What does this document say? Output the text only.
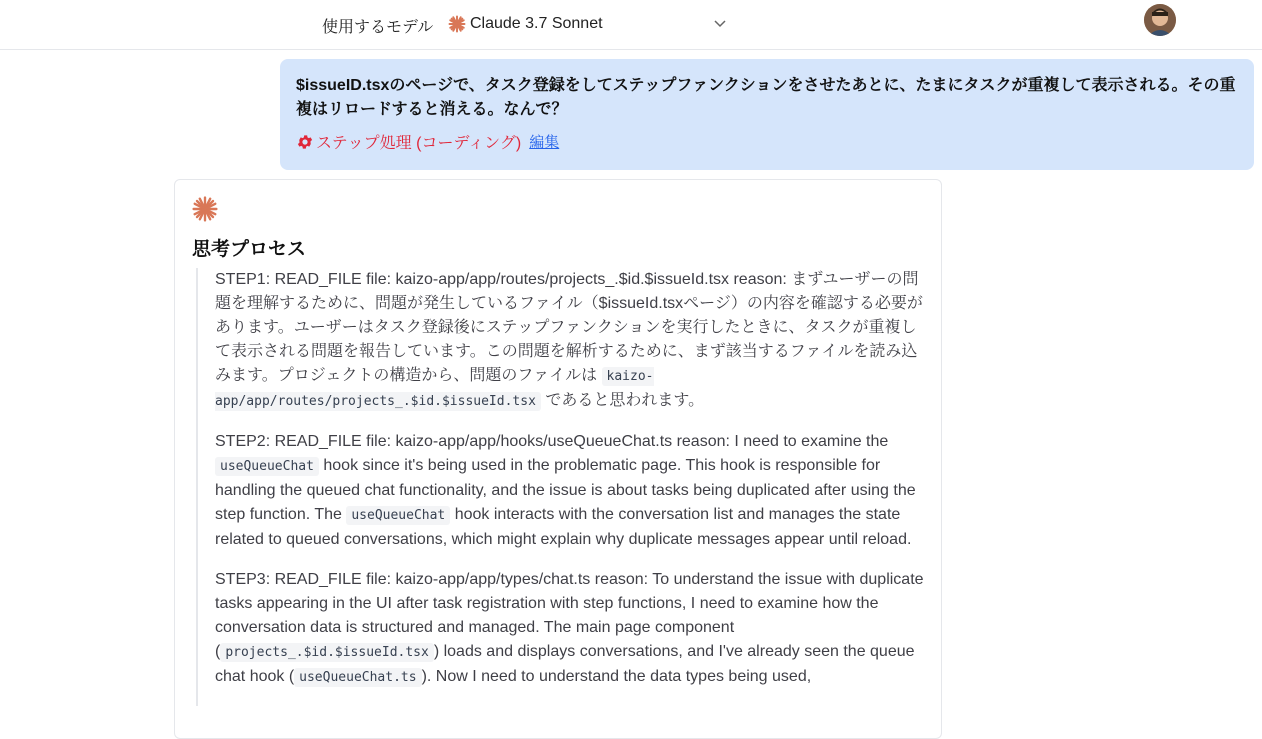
使用するモデル Claude 3.7 Sonnet

$issueID.tsxのページで、タスク登録をしてステップファンクションをさせたあとに、たまにタスクが重複して表示される。その重複はリロードすると消える。なんで？

ステップ処理 (コーディング) 編集
思考プロセス

STEP1: READ_FILE file: kaizo-app/app/routes/projects_.$id.$issueId.tsx reason: まずユーザーの問題を理解するために、問題が発生しているファイル（$issueId.tsxページ）の内容を確認する必要があります。ユーザーはタスク登録後にステップファンクションを実行したときに、タスクが重複して表示される問題を報告しています。この問題を解析するために、まず該当するファイルを読み込みます。プロジェクトの構造から、問題のファイルは kaizo-app/app/routes/projects_.$id.$issueId.tsx であると思われます。

STEP2: READ_FILE file: kaizo-app/app/hooks/useQueueChat.ts reason: I need to examine the useQueueChat hook since it's being used in the problematic page. This hook is responsible for handling the queued chat functionality, and the issue is about tasks being duplicated after using the step function. The useQueueChat hook interacts with the conversation list and manages the state related to queued conversations, which might explain why duplicate messages appear until reload.

STEP3: READ_FILE file: kaizo-app/app/types/chat.ts reason: To understand the issue with duplicate tasks appearing in the UI after task registration with step functions, I need to examine how the conversation data is structured and managed. The main page component ( projects_.$id.$issueId.tsx ) loads and displays conversations, and I've already seen the queue chat hook ( useQueueChat.ts ). Now I need to understand the data types being used,
